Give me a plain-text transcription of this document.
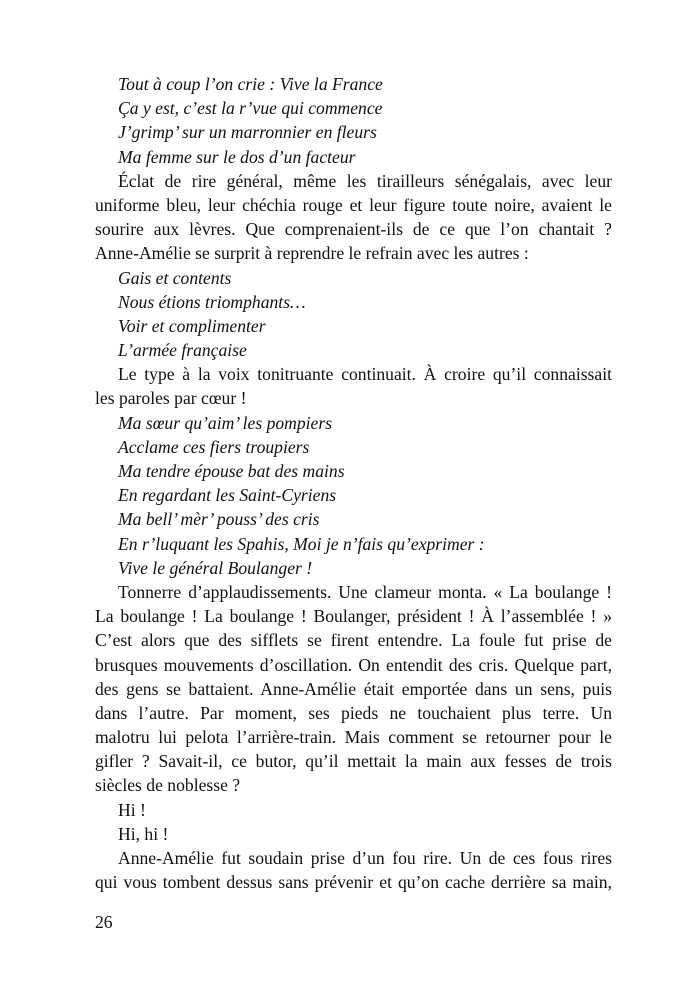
Tout à coup l’on crie : Vive la France
Ça y est, c’est la r’vue qui commence
J’grimp’ sur un marronnier en fleurs
Ma femme sur le dos d’un facteur
Éclat de rire général, même les tirailleurs sénégalais, avec leur
uniforme bleu, leur chéchia rouge et leur figure toute noire, avaient le
sourire aux lèvres. Que comprenaient-ils de ce que l’on chantait ?
Anne-Amélie se surprit à reprendre le refrain avec les autres :
Gais et contents
Nous étions triomphants…
Voir et complimenter
L’armée française
Le type à la voix tonitruante continuait. À croire qu’il connaissait
les paroles par cœur !
Ma sœur qu’aim’ les pompiers
Acclame ces fiers troupiers
Ma tendre épouse bat des mains
En regardant les Saint-Cyriens
Ma bell’ mèr’ pouss’ des cris
En r’luquant les Spahis, Moi je n’fais qu’exprimer :
Vive le général Boulanger !
Tonnerre d’applaudissements. Une clameur monta. « La boulange !
La boulange ! La boulange ! Boulanger, président ! À l’assemblée ! »
C’est alors que des sifflets se firent entendre. La foule fut prise de
brusques mouvements d’oscillation. On entendit des cris. Quelque part,
des gens se battaient. Anne-Amélie était emportée dans un sens, puis
dans l’autre. Par moment, ses pieds ne touchaient plus terre. Un
malotru lui pelota l’arrière-train. Mais comment se retourner pour le
gifler ? Savait-il, ce butor, qu’il mettait la main aux fesses de trois
siècles de noblesse ?
Hi !
Hi, hi !
Anne-Amélie fut soudain prise d’un fou rire. Un de ces fous rires
qui vous tombent dessus sans prévenir et qu’on cache derrière sa main,
26
